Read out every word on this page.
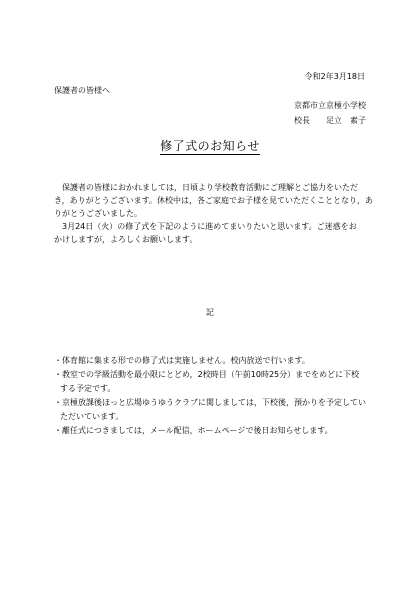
令和2年3月18日
保護者の皆様へ
京都市立京極小学校
校長　　足立　素子
修了式のお知らせ

　保護者の皆様におかれましては，日頃より学校教育活動にご理解とご協力をいただ

き，ありがとうございます。休校中は，各ご家庭でお子様を見ていただくこととなり，あ

りがとうございました。

　3月24日（火）の修了式を下記のように進めてまいりたいと思います。ご迷惑をお

かけしますが，よろしくお願いします。

記

・体育館に集まる形での修了式は実施しません。校内放送で行います。

・教室での学級活動を最小限にとどめ，2校時目（午前10時25分）までをめどに下校

する予定です。

・京極放課後ほっと広場ゆうゆうクラブに関しましては，下校後，預かりを予定してい

ただいています。

・離任式につきましては，メール配信，ホームページで後日お知らせします。
